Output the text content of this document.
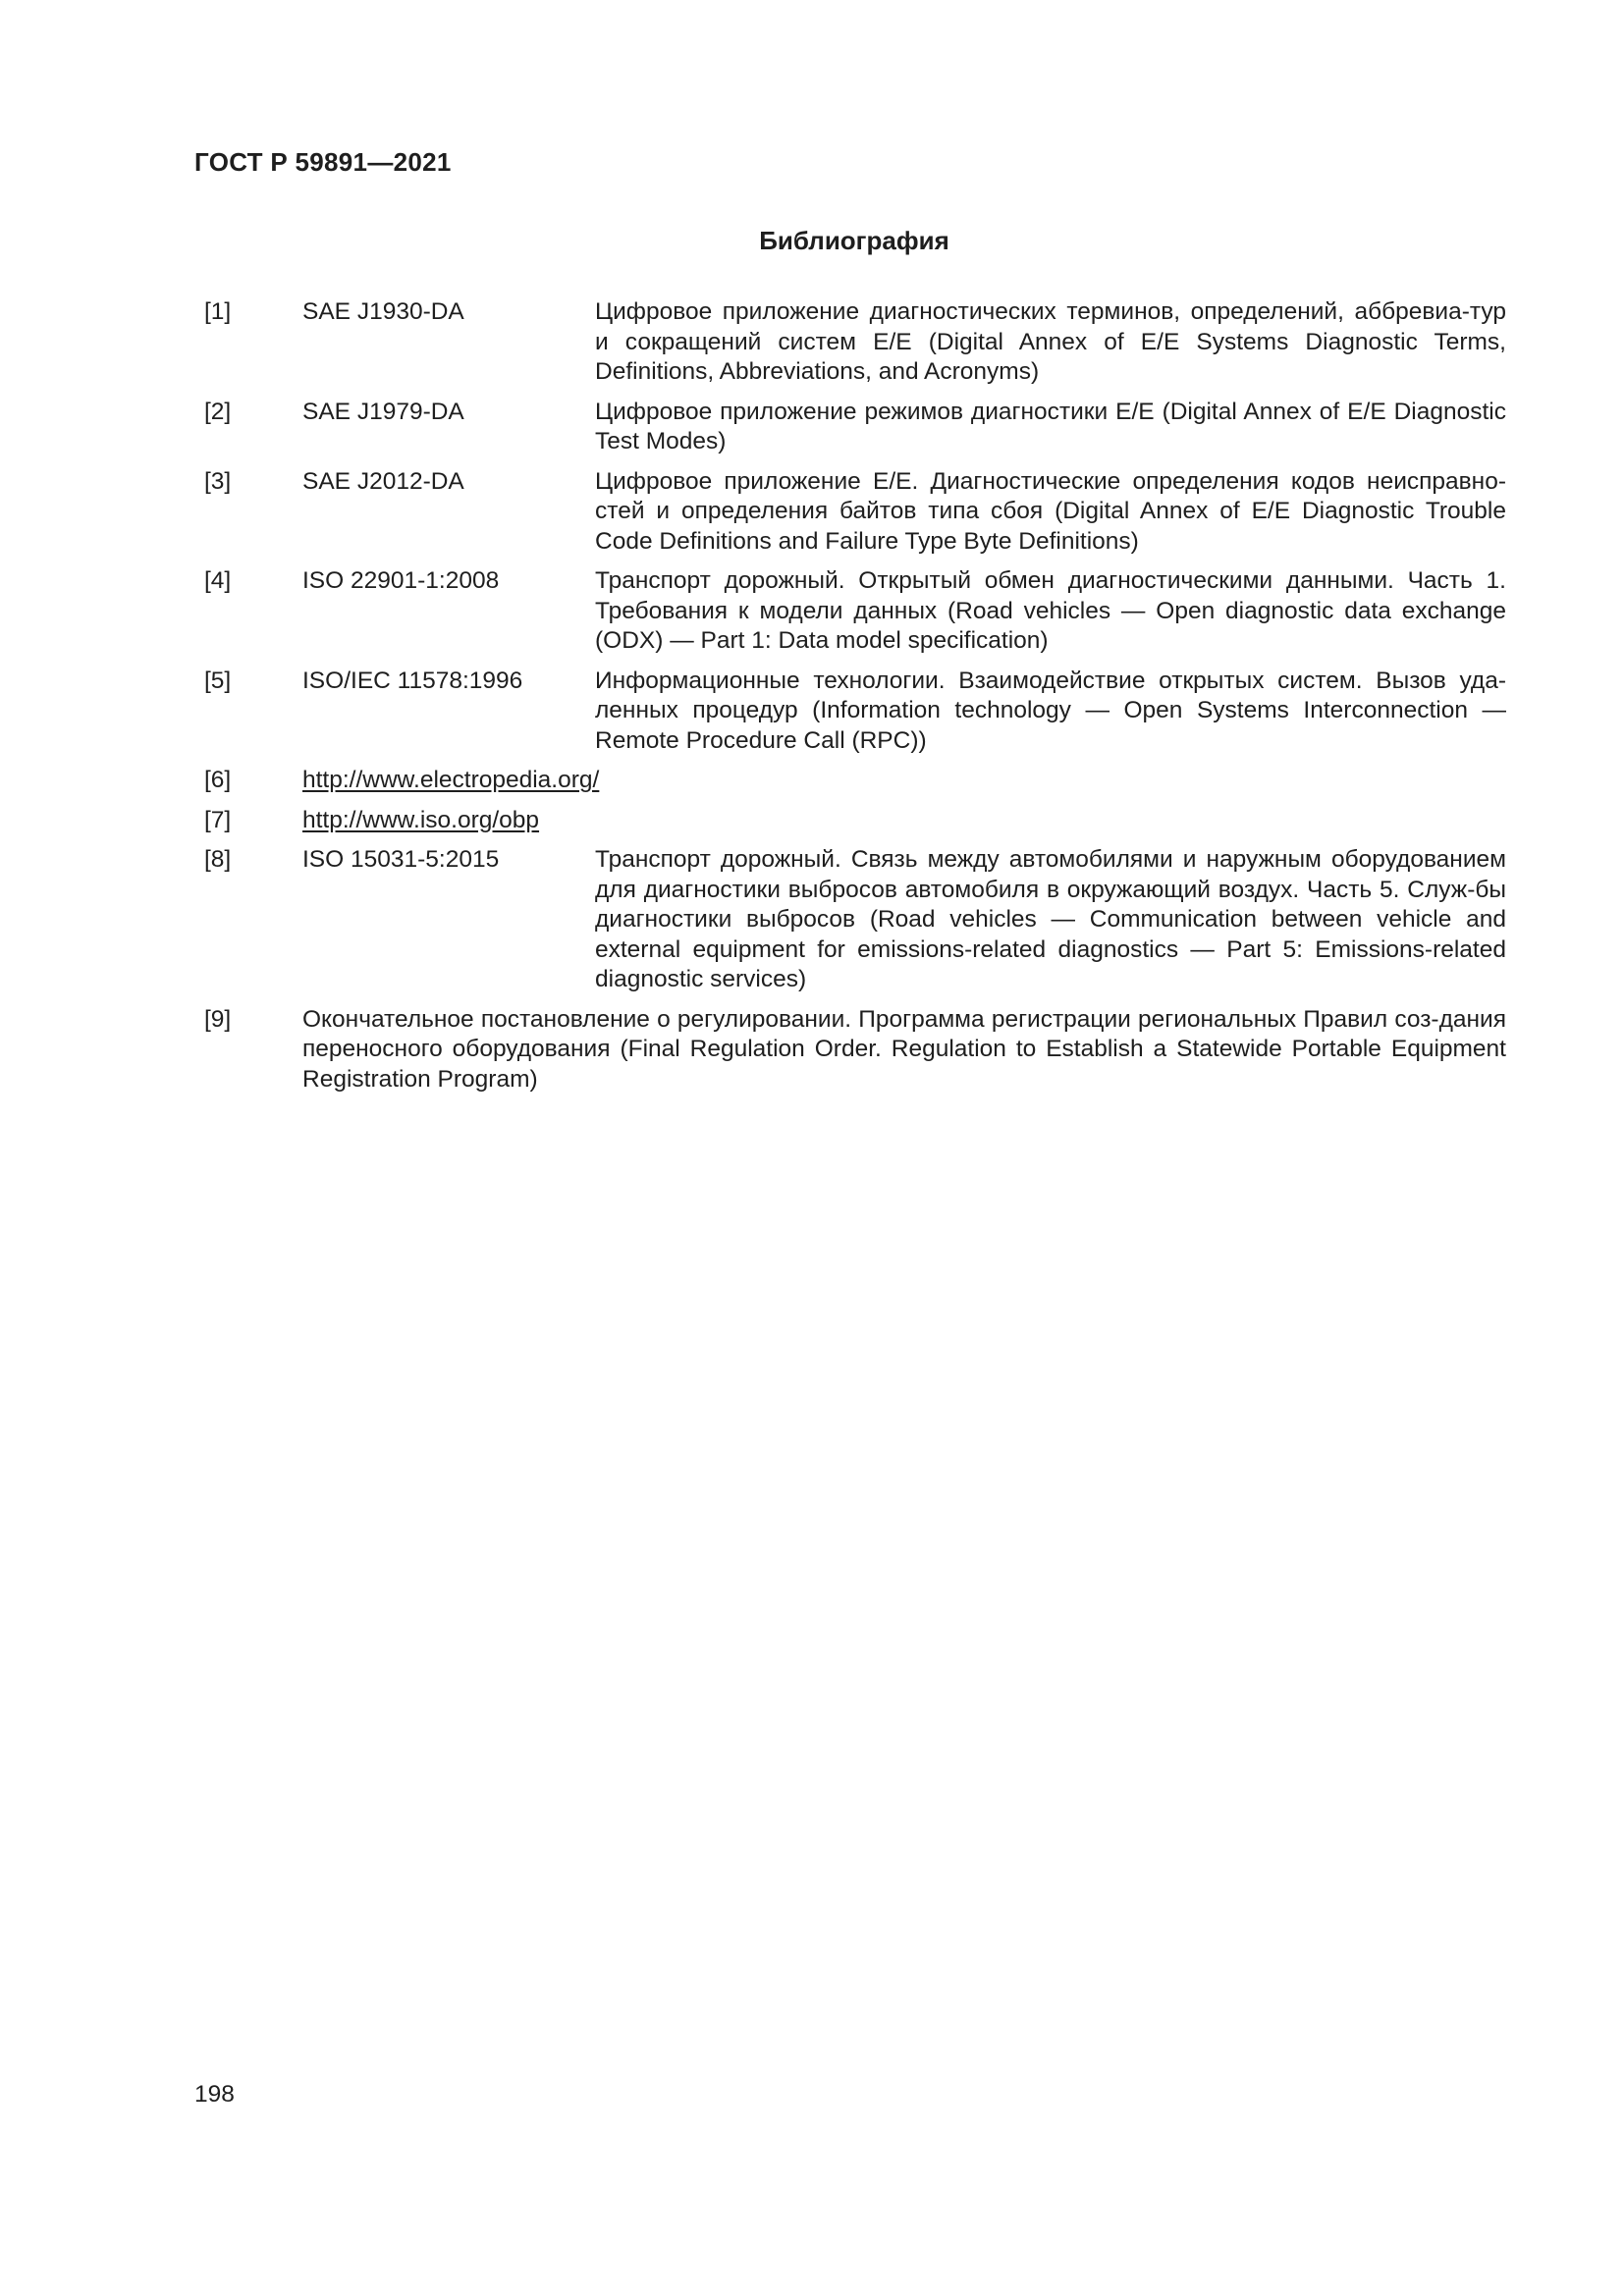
ГОСТ Р 59891—2021
Библиография
[1]	SAE J1930-DA	Цифровое приложение диагностических терминов, определений, аббревиа-тур и сокращений систем E/E (Digital Annex of E/E Systems Diagnostic Terms, Definitions, Abbreviations, and Acronyms)
[2]	SAE J1979-DA	Цифровое приложение режимов диагностики E/E (Digital Annex of E/E Diagnostic Test Modes)
[3]	SAE J2012-DA	Цифровое приложение E/E. Диагностические определения кодов неисправно-стей и определения байтов типа сбоя (Digital Annex of E/E Diagnostic Trouble Code Definitions and Failure Type Byte Definitions)
[4]	ISO 22901-1:2008	Транспорт дорожный. Открытый обмен диагностическими данными. Часть 1. Требования к модели данных (Road vehicles — Open diagnostic data exchange (ODX) — Part 1: Data model specification)
[5]	ISO/IEC 11578:1996	Информационные технологии. Взаимодействие открытых систем. Вызов уда-ленных процедур (Information technology — Open Systems Interconnection — Remote Procedure Call (RPC))
[6]	http://www.electropedia.org/
[7]	http://www.iso.org/obp
[8]	ISO 15031-5:2015	Транспорт дорожный. Связь между автомобилями и наружным оборудованием для диагностики выбросов автомобиля в окружающий воздух. Часть 5. Служ-бы диагностики выбросов (Road vehicles — Communication between vehicle and external equipment for emissions-related diagnostics — Part 5: Emissions-related diagnostic services)
[9]	Окончательное постановление о регулировании. Программа регистрации региональных Правил соз-дания переносного оборудования (Final Regulation Order. Regulation to Establish a Statewide Portable Equipment Registration Program)
198
